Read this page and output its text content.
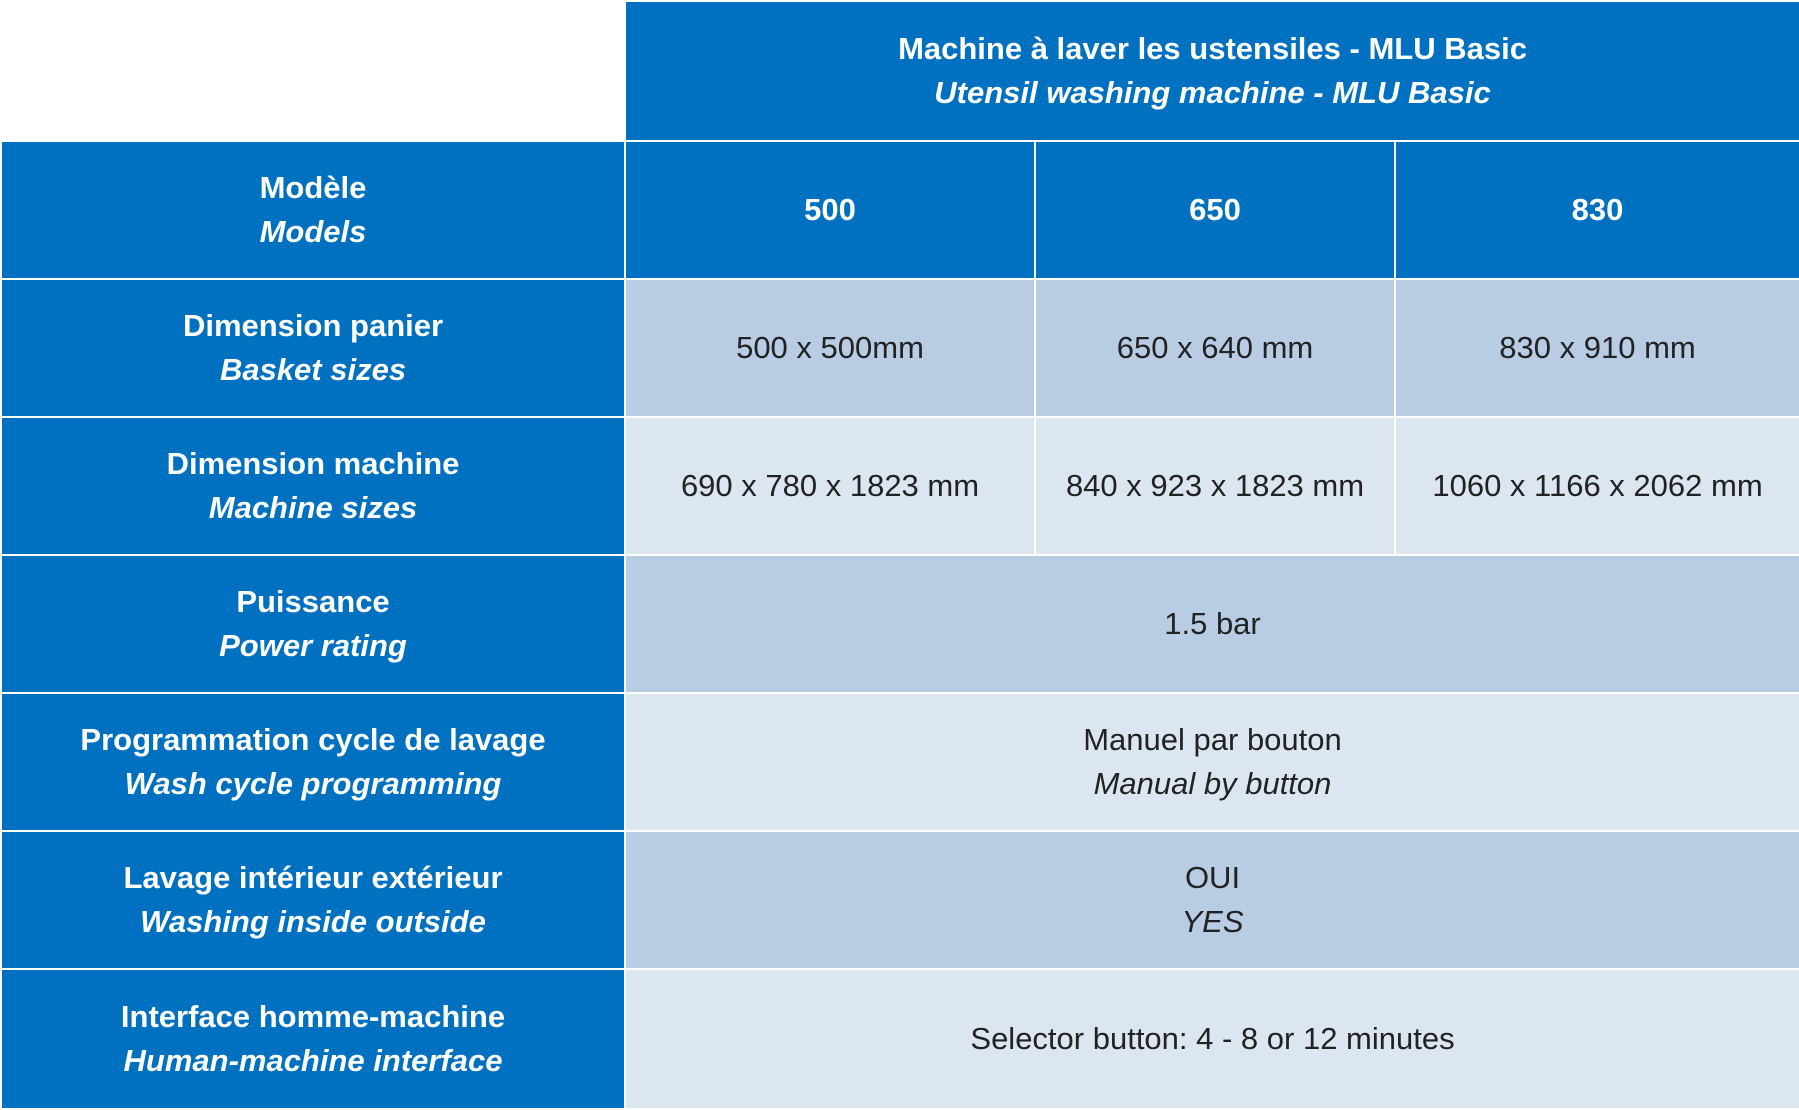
	Machine à laver les ustensiles - MLU Basic
Utensil washing machine - MLU Basic		

Modèle
Models	500	650	830

Dimension panier
Basket sizes	500 x 500mm	650 x 640 mm	830 x 910 mm

Dimension machine
Machine sizes	690 x 780 x 1823 mm	840 x 923 x 1823 mm	1060 x 1166 x 2062 mm

Puissance
Power rating	1.5 bar		

Programmation cycle de lavage
Wash cycle programming	Manuel par bouton
Manual by button		

Lavage intérieur extérieur
Washing inside outside	OUI
YES		

Interface homme-machine
Human-machine interface	Selector button: 4 - 8 or 12 minutes		
